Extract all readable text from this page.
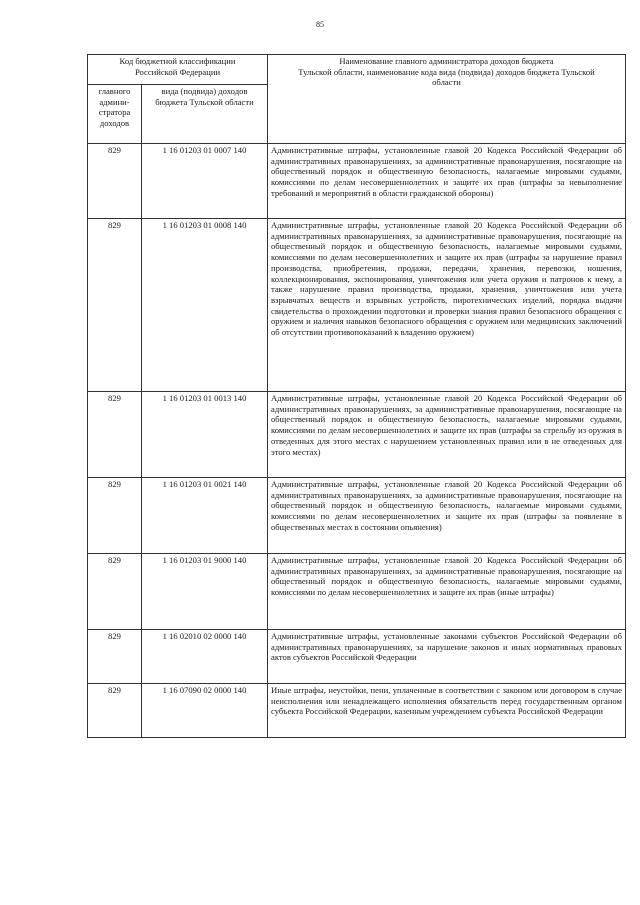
85
Код бюджетной классификации
Российской Федерации		Наименование главного администратора доходов бюджета
Тульской области, наименование кода вида (подвида) доходов бюджета Тульской
области

главного
админи-
стратора
доходов	вида (подвида) доходов
бюджета Тульской области	

829	1 16 01203 01 0007 140	Административные штрафы, установленные главой 20 Кодекса Российской Федерации об административных правонарушениях, за административные правонарушения, посягающие на общественный порядок и общественную безопасность, налагаемые мировыми судьями, комиссиями по делам несовершеннолетних и защите их прав (штрафы за невыполнение требований и мероприятий в области гражданской обороны)
829	1 16 01203 01 0008 140	Административные штрафы, установленные главой 20 Кодекса Российской Федерации об административных правонарушениях, за административные правонарушения, посягающие на общественный порядок и общественную безопасность, налагаемые мировыми судьями, комиссиями по делам несовершеннолетних и защите их прав (штрафы за нарушение правил производства, приобретения, продажи, передачи, хранения, перевозки, ношения, коллекционирования, экспонирования, уничтожения или учета оружия и патронов к нему, а также нарушение правил производства, продажи, хранения, уничтожения или учета взрывчатых веществ и взрывных устройств, пиротехнических изделий, порядка выдачи свидетельства о прохождении подготовки и проверки знания правил безопасного обращения с оружием и наличия навыков безопасного обращения с оружием или медицинских заключений об отсутствии противопоказаний к владению оружием)
829	1 16 01203 01 0013 140	Административные штрафы, установленные главой 20 Кодекса Российской Федерации об административных правонарушениях, за административные правонарушения, посягающие на общественный порядок и общественную безопасность, налагаемые мировыми судьями, комиссиями по делам несовершеннолетних и защите их прав (штрафы за стрельбу из оружия в отведенных для этого местах с нарушением установленных правил или в не отведенных для этого местах)
829	1 16 01203 01 0021 140	Административные штрафы, установленные главой 20 Кодекса Российской Федерации об административных правонарушениях, за административные правонарушения, посягающие на общественный порядок и общественную безопасность, налагаемые мировыми судьями, комиссиями по делам несовершеннолетних и защите их прав (штрафы за появление в общественных местах в состоянии опьянения)
829	1 16 01203 01 9000 140	Административные штрафы, установленные главой 20 Кодекса Российской Федерации об административных правонарушениях, за административные правонарушения, посягающие на общественный порядок и общественную безопасность, налагаемые мировыми судьями, комиссиями по делам несовершеннолетних и защите их прав (иные штрафы)
829	1 16 02010 02 0000 140	Административные штрафы, установленные законами субъектов Российской Федерации об административных правонарушениях, за нарушение законов и иных нормативных правовых актов субъектов Российской Федерации
829	1 16 07090 02 0000 140	Иные штрафы, неустойки, пени, уплаченные в соответствии с законом или договором в случае неисполнения или ненадлежащего исполнения обязательств перед государственным органом субъекта Российской Федерации, казенным учреждением субъекта Российской Федерации
